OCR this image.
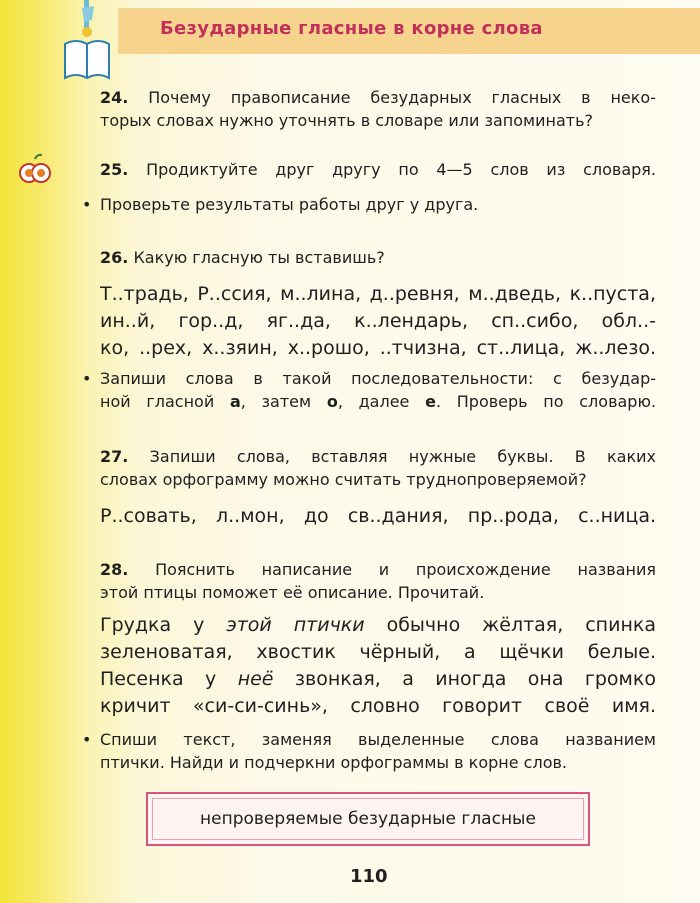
Безударные гласные в корне слова
24. Почему правописание безударных гласных в неко-
торых словах нужно уточнять в словаре или запоминать?
25. Продиктуйте друг другу по 4—5 слов из словаря.
• Проверьте результаты работы друг у друга.
26. Какую гласную ты вставишь?
Т..традь, Р..ссия, м..лина, д..ревня, м..дведь, к..пуста,
ин..й, гор..д, яг..да, к..лендарь, сп..сибо, обл..-
ко, ..рех, х..зяин, х..рошо, ..тчизна, ст..лица, ж..лезо.
• Запиши слова в такой последовательности: с безудар-
ной гласной а, затем о, далее е. Проверь по словарю.
27. Запиши слова, вставляя нужные буквы. В каких
словах орфограмму можно считать труднопроверяемой?
Р..совать, л..мон, до св..дания, пр..рода, с..ница.
28. Пояснить написание и происхождение названия
этой птицы поможет её описание. Прочитай.
Грудка у этой птички обычно жёлтая, спинка
зеленоватая, хвостик чёрный, а щёчки белые.
Песенка у неё звонкая, а иногда она громко
кричит «си-си-синь», словно говорит своё имя.
• Спиши текст, заменяя выделенные слова названием
птички. Найди и подчеркни орфограммы в корне слов.
непроверяемые безударные гласные
110
